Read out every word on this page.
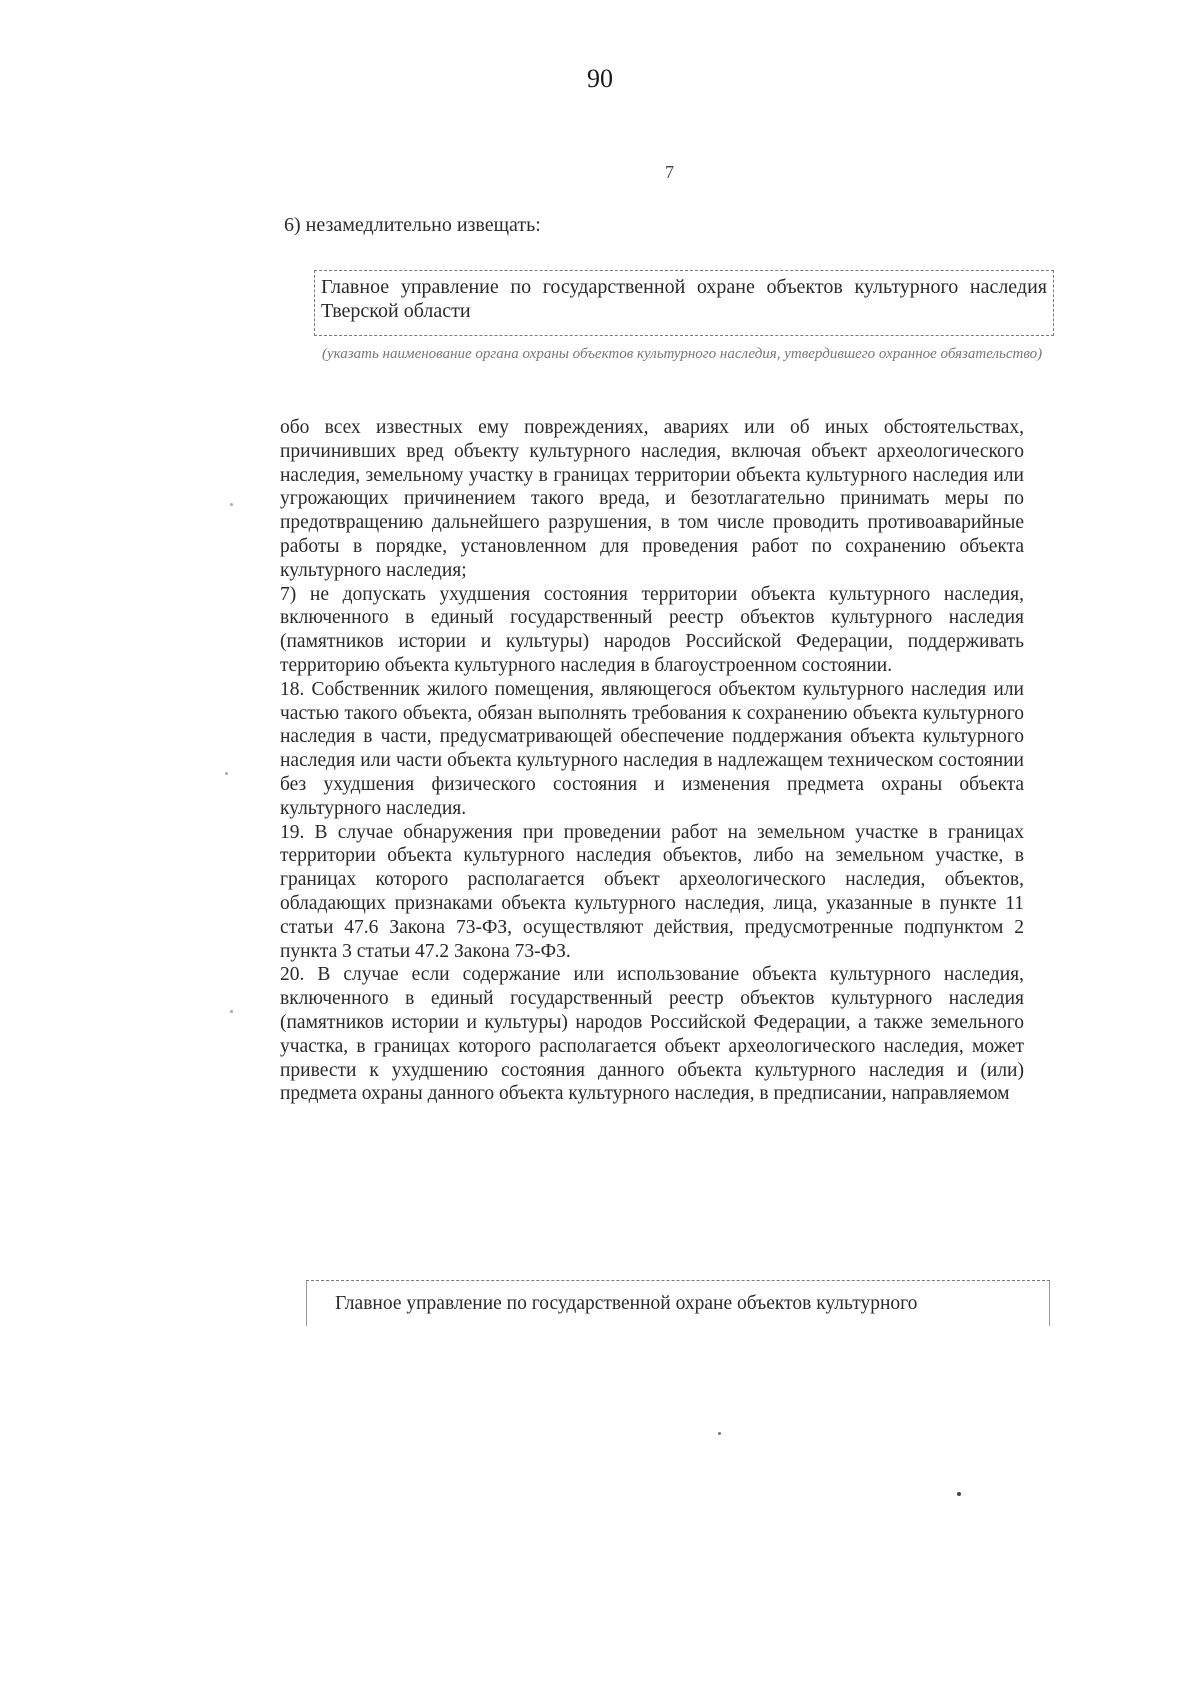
90
7
6) незамедлительно извещать:
Главное управление по государственной охране объектов культурного наследия Тверской области
(указать наименование органа охраны объектов культурного наследия, утвердившего охранное обязательство)

обо всех известных ему повреждениях, авариях или об иных обстоятельствах, причинивших вред объекту культурного наследия, включая объект археологического наследия, земельному участку в границах территории объекта культурного наследия или угрожающих причинением такого вреда, и безотлагательно принимать меры по предотвращению дальнейшего разрушения, в том числе проводить противоаварийные работы в порядке, установленном для проведения работ по сохранению объекта культурного наследия;

7) не допускать ухудшения состояния территории объекта культурного наследия, включенного в единый государственный реестр объектов культурного наследия (памятников истории и культуры) народов Российской Федерации, поддерживать территорию объекта культурного наследия в благоустроенном состоянии.

18. Собственник жилого помещения, являющегося объектом культурного наследия или частью такого объекта, обязан выполнять требования к сохранению объекта культурного наследия в части, предусматривающей обеспечение поддержания объекта культурного наследия или части объекта культурного наследия в надлежащем техническом состоянии без ухудшения физического состояния и изменения предмета охраны объекта культурного наследия.

19. В случае обнаружения при проведении работ на земельном участке в границах территории объекта культурного наследия объектов, либо на земельном участке, в границах которого располагается объект археологического наследия, объектов, обладающих признаками объекта культурного наследия, лица, указанные в пункте 11 статьи 47.6 Закона 73-ФЗ, осуществляют действия, предусмотренные подпунктом 2 пункта 3 статьи 47.2 Закона 73-ФЗ.

20. В случае если содержание или использование объекта культурного наследия, включенного в единый государственный реестр объектов культурного наследия (памятников истории и культуры) народов Российской Федерации, а также земельного участка, в границах которого располагается объект археологического наследия, может привести к ухудшению состояния данного объекта культурного наследия и (или) предмета охраны данного объекта культурного наследия, в предписании, направляемом

Главное управление по государственной охране объектов культурного
